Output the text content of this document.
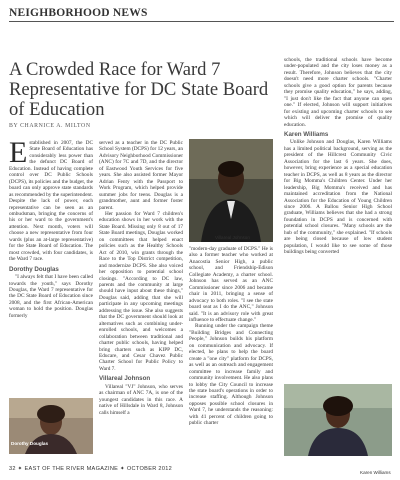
NEIGHBORHOOD NEWS
A Crowded Race for Ward 7 Representative for DC State Board of Education
BY CHARNICE A. MILTON
E stablished in 2007, the DC State Board of Education has considerably less power than the defunct DC Board of Education. Instead of having complete control over DC Public Schools (DCPS), its policies and the budget, the board can only approve state standards as recommended by the superintendent. Despite the lack of power, each representative can be seen as an ombudsman, bringing the concerns of his or her ward to the government's attention. Next month, voters will choose a new representative from four wards (plus an at-large representative) for the State Board of Education. The most crowded, with four candidates, is the Ward 7 race.

Dorothy Douglas

"I always felt that I have been called towards the youth," says Dorothy Douglas, the Ward 7 representative for the DC State Board of Education since 2008, and the first African-American woman to hold the position. Douglas formerly

Dorothy Douglas

served as a teacher in the DC Public School System (DCPS) for 12 years, an Advisory Neighborhood Commissioner (ANC) for 7C and 7D, and the director of Eastwood Youth Services for five years. She also assisted former Mayor Adrian Fenty with the Passport to Work Program, which helped provide summer jobs for teens. Douglas is a grandmother, aunt and former foster parent.

Her passion for Ward 7 children's education shows in her work with the State Board. Missing only 8 out of 17 State Board meetings, Douglas worked on committees that helped enact policies such as the Healthy Schools Act of 2010, win grants through the Race to the Top District competition, and modernize DCPS. She also voiced her opposition to potential school closings. "According to DC law, parents and the community at large should have input about these things," Douglas said, adding that she will participate in any upcoming meetings addressing the issue. She also suggests that the DC government should look at alternatives such as combining under-enrolled schools, and welcomes a collaboration between traditional and charter public schools, having helped bring charters such as KIPP DC, Educare, and Cesar Chavez Public Charter School for Public Policy to Ward 7.

Villareal Johnson

Villareal "VJ" Johnson, who serves as chairman of ANC 7A, is one of the youngest candidates in this race. A native of Hillsdale in Ward 8, Johnson calls himself a

Villareal Johnson

"modern-day graduate of DCPS." He is also a former teacher who worked at Anacostia Senior High, a public school, and Friendship-Edison Collegiate Academy, a charter school. Johnson has served as an ANC Commissioner since 2006 and became chair in 2011, bringing a sense of advocacy to both roles. "I see the state board seat as I do the ANC," Johnson said. "It is an advisory role with great influence to effectuate change."

Running under the campaign theme "Building Bridges and Connecting People," Johnson builds his platform on communication and advocacy. If elected, he plans to help the board create a "one city" platform for DCPS, as well as an outreach and engagement committee to increase family and community involvement. He also plans to lobby the City Council to increase the state board's operations in order to increase staffing. Although Johnson opposes possible school closures in Ward 7, he understands the reasoning: with 41 percent of children going to public charter

schools, the traditional schools have become under-populated and the city loses money as a result. Therefore, Johnson believes that the city doesn't need more charter schools. "Charter schools give a good option for parents because they promise quality education," he says, adding, "I just don't like the fact that anyone can open one." If elected, Johnson will support initiatives for existing and upcoming charter schools to see which will deliver the promise of quality education.

Karen Williams

Unlike Johnson and Douglas, Karen Williams has a limited political background, serving as the president of the Hillcrest Community Civic Association for the last 6 years. She does, however, bring experience as a special education teacher in DCPS, as well as 8 years as the director for Big Momma's Children Center. Under her leadership, Big Momma's received and has maintained accreditation from the National Association for the Education of Young Children since 2006. A Ballou Senior High School graduate, Williams believes that she had a strong foundation in DCPS and is concerned with potential school closures. "Many schools are the hub of the community," she explained. "If schools are being closed because of low student population, I would like to see some of those buildings being converted

Karen Williams
32 ✦ EAST OF THE RIVER MAGAZINE ✦ OCTOBER 2012
